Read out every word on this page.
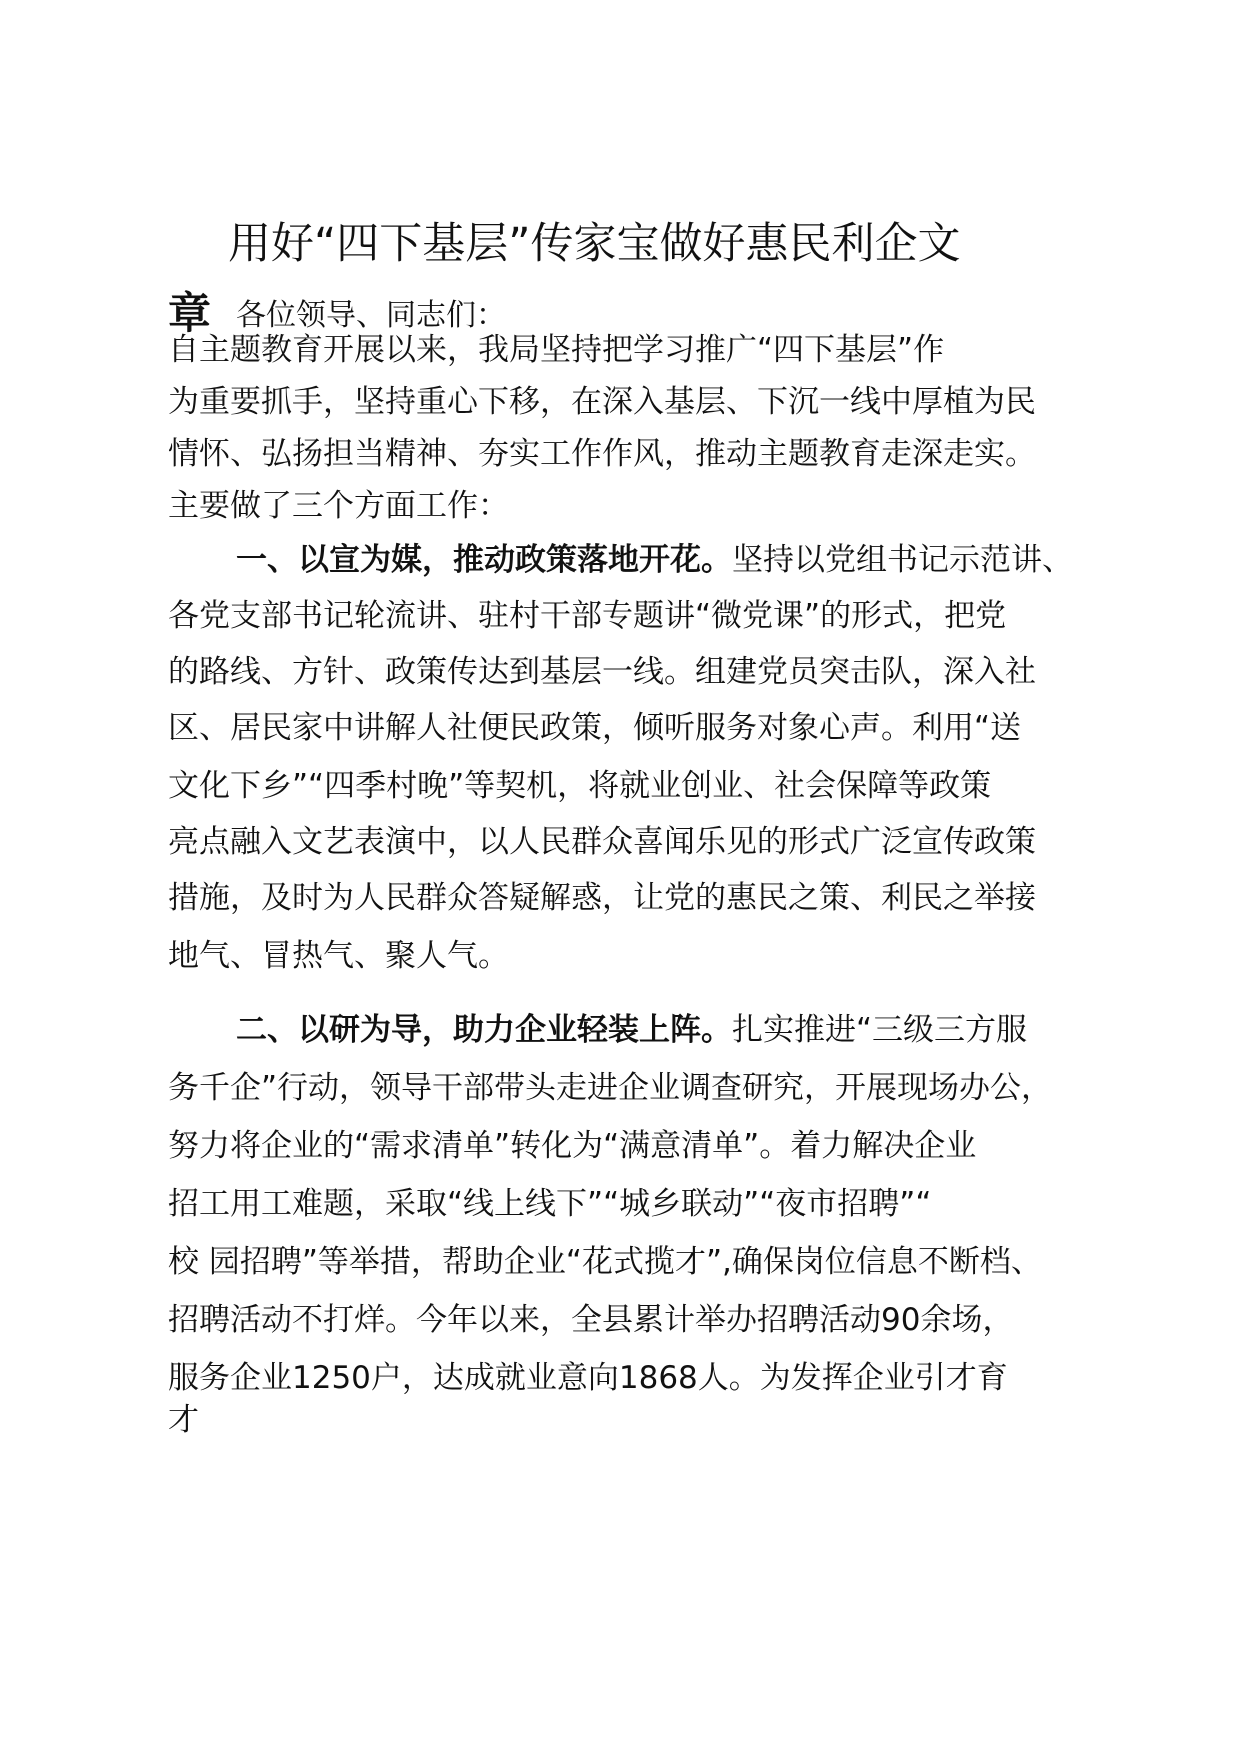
用好“四下基层”传家宝做好惠民利企文
章 各位领导、同志们：
自主题教育开展以来，我局坚持把学习推广“四下基层”作
为重要抓手，坚持重心下移，在深入基层、下沉一线中厚植为民
情怀、弘扬担当精神、夯实工作作风，推动主题教育走深走实。
主要做了三个方面工作：
一、以宣为媒，推动政策落地开花。坚持以党组书记示范讲、
各党支部书记轮流讲、驻村干部专题讲“微党课”的形式，把党
的路线、方针、政策传达到基层一线。组建党员突击队，深入社
区、居民家中讲解人社便民政策，倾听服务对象心声。利用“送
文化下乡”“四季村晚”等契机，将就业创业、社会保障等政策
亮点融入文艺表演中，以人民群众喜闻乐见的形式广泛宣传政策
措施，及时为人民群众答疑解惑，让党的惠民之策、利民之举接
地气、冒热气、聚人气。
二、以研为导，助力企业轻装上阵。扎实推进“三级三方服
务千企”行动，领导干部带头走进企业调查研究，开展现场办公，
努力将企业的“需求清单”转化为“满意清单”。着力解决企业
招工用工难题，采取“线上线下”“城乡联动”“夜市招聘”“
校 园招聘”等举措，帮助企业“花式揽才”,确保岗位信息不断档、
招聘活动不打烊。今年以来，全县累计举办招聘活动90余场，
服务企业1250户，达成就业意向1868人。为发挥企业引才育
才
